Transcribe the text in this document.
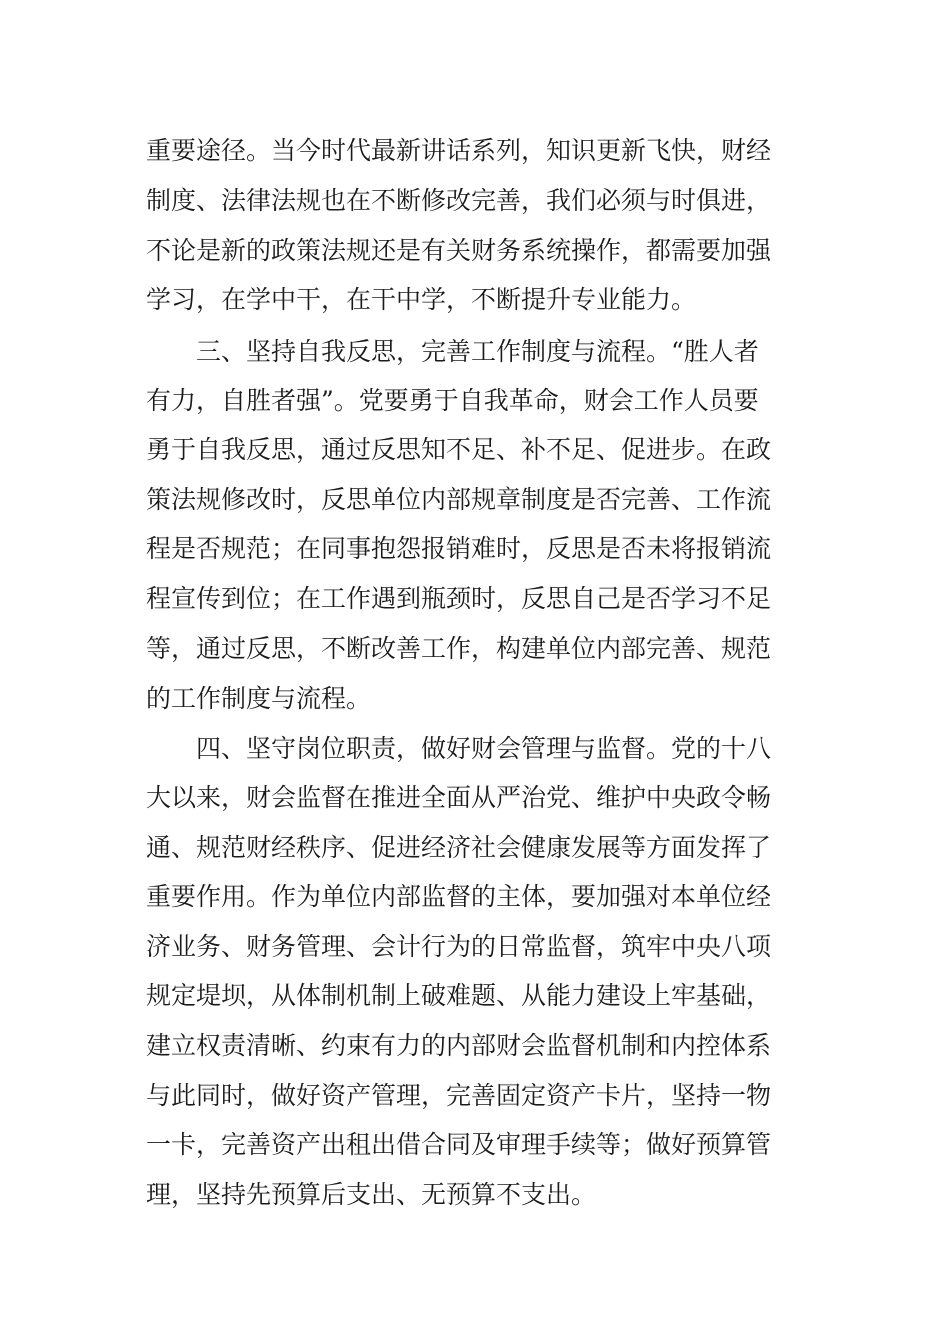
重要途径。当今时代最新讲话系列，知识更新飞快，财经
制度、法律法规也在不断修改完善，我们必须与时俱进，
不论是新的政策法规还是有关财务系统操作，都需要加强
学习，在学中干，在干中学，不断提升专业能力。
三、坚持自我反思，完善工作制度与流程。“胜人者
有力，自胜者强”。党要勇于自我革命，财会工作人员要
勇于自我反思，通过反思知不足、补不足、促进步。在政
策法规修改时，反思单位内部规章制度是否完善、工作流
程是否规范；在同事抱怨报销难时，反思是否未将报销流
程宣传到位；在工作遇到瓶颈时，反思自己是否学习不足
等，通过反思，不断改善工作，构建单位内部完善、规范
的工作制度与流程。
四、坚守岗位职责，做好财会管理与监督。党的十八
大以来，财会监督在推进全面从严治党、维护中央政令畅
通、规范财经秩序、促进经济社会健康发展等方面发挥了
重要作用。作为单位内部监督的主体，要加强对本单位经
济业务、财务管理、会计行为的日常监督，筑牢中央八项
规定堤坝，从体制机制上破难题、从能力建设上牢基础，
建立权责清晰、约束有力的内部财会监督机制和内控体系
与此同时，做好资产管理，完善固定资产卡片，坚持一物
一卡，完善资产出租出借合同及审理手续等；做好预算管
理，坚持先预算后支出、无预算不支出。
